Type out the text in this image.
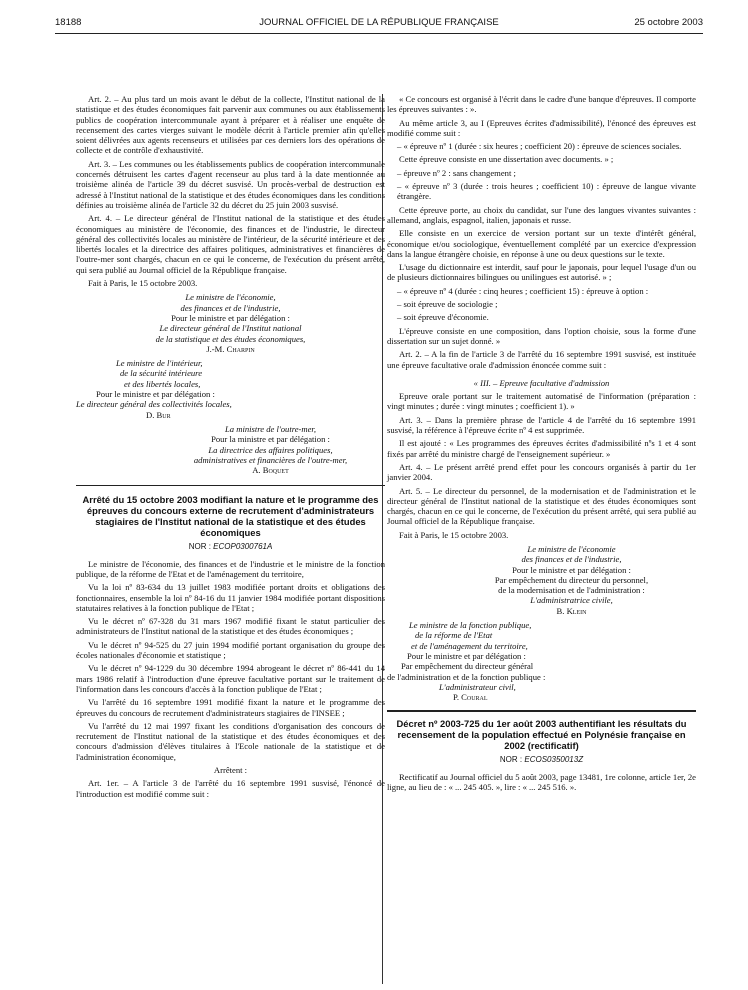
18188	JOURNAL OFFICIEL DE LA RÉPUBLIQUE FRANÇAISE	25 octobre 2003

Art. 2. – Au plus tard un mois avant le début de la collecte, l'Institut national de la statistique et des études économiques fait parvenir aux communes ou aux établissements publics de coopération intercommunale ayant à préparer et à réaliser une enquête de recensement des cartes vierges suivant le modèle décrit à l'article premier afin qu'elles soient délivrées aux agents recenseurs et utilisées par ces derniers lors des opérations de collecte et de contrôle d'exhaustivité.

Art. 3. – Les communes ou les établissements publics de coopération intercommunale concernés détruisent les cartes d'agent recenseur au plus tard à la date mentionnée au troisième alinéa de l'article 39 du décret susvisé. Un procès-verbal de destruction est adressé à l'Institut national de la statistique et des études économiques dans les conditions définies au troisième alinéa de l'article 32 du décret du 25 juin 2003 susvisé.

Art. 4. – Le directeur général de l'Institut national de la statistique et des études économiques au ministère de l'économie, des finances et de l'industrie, le directeur général des collectivités locales au ministère de l'intérieur, de la sécurité intérieure et des libertés locales et la directrice des affaires politiques, administratives et financières de l'outre-mer sont chargés, chacun en ce qui le concerne, de l'exécution du présent arrêté, qui sera publié au Journal officiel de la République française.

Fait à Paris, le 15 octobre 2003.

Le ministre de l'économie,
des finances et de l'industrie,
Pour le ministre et par délégation :
Le directeur général de l'Institut national
de la statistique et des études économiques,
J.-M. Charpin
Le ministre de l'intérieur,
de la sécurité intérieure
et des libertés locales,
Pour le ministre et par délégation :
Le directeur général des collectivités locales,
D. Bur
La ministre de l'outre-mer,
Pour la ministre et par délégation :
La directrice des affaires politiques,
administratives et financières de l'outre-mer,
A. Boquet
Arrêté du 15 octobre 2003 modifiant la nature et le programme des épreuves du concours externe de recrutement d'administrateurs stagiaires de l'Institut national de la statistique et des études économiques
NOR : ECOP0300761A

Le ministre de l'économie, des finances et de l'industrie et le ministre de la fonction publique, de la réforme de l'Etat et de l'aménagement du territoire,

Vu la loi nº 83-634 du 13 juillet 1983 modifiée portant droits et obligations des fonctionnaires, ensemble la loi nº 84-16 du 11 janvier 1984 modifiée portant dispositions statutaires relatives à la fonction publique de l'Etat ;

Vu le décret nº 67-328 du 31 mars 1967 modifié fixant le statut particulier des administrateurs de l'Institut national de la statistique et des études économiques ;

Vu le décret nº 94-525 du 27 juin 1994 modifié portant organisation du groupe des écoles nationales d'économie et statistique ;

Vu le décret nº 94-1229 du 30 décembre 1994 abrogeant le décret nº 86-441 du 14 mars 1986 relatif à l'introduction d'une épreuve facultative portant sur le traitement de l'information dans les concours d'accès à la fonction publique de l'Etat ;

Vu l'arrêté du 16 septembre 1991 modifié fixant la nature et le programme des épreuves du concours de recrutement d'administrateurs stagiaires de l'INSEE ;

Vu l'arrêté du 12 mai 1997 fixant les conditions d'organisation des concours de recrutement de l'Institut national de la statistique et des études économiques et des concours d'admission d'élèves titulaires à l'Ecole nationale de la statistique et de l'administration économique,

Arrêtent :

Art. 1er. – A l'article 3 de l'arrêté du 16 septembre 1991 susvisé, l'énoncé de l'introduction est modifié comme suit :

« Ce concours est organisé à l'écrit dans le cadre d'une banque d'épreuves. Il comporte les épreuves suivantes : ».

Au même article 3, au I (Epreuves écrites d'admissibilité), l'énoncé des épreuves est modifié comme suit :

– « épreuve nº 1 (durée : six heures ; coefficient 20) : épreuve de sciences sociales.

Cette épreuve consiste en une dissertation avec documents. » ;

– épreuve nº 2 : sans changement ;

– « épreuve nº 3 (durée : trois heures ; coefficient 10) : épreuve de langue vivante étrangère.

Cette épreuve porte, au choix du candidat, sur l'une des langues vivantes suivantes : allemand, anglais, espagnol, italien, japonais et russe.

Elle consiste en un exercice de version portant sur un texte d'intérêt général, économique et/ou sociologique, éventuellement complété par un exercice d'expression dans la langue étrangère choisie, en réponse à une ou deux questions sur le texte.

L'usage du dictionnaire est interdit, sauf pour le japonais, pour lequel l'usage d'un ou de plusieurs dictionnaires bilingues ou unilingues est autorisé. » ;

– « épreuve nº 4 (durée : cinq heures ; coefficient 15) : épreuve à option :

– soit épreuve de sociologie ;

– soit épreuve d'économie.

L'épreuve consiste en une composition, dans l'option choisie, sous la forme d'une dissertation sur un sujet donné. »

Art. 2. – A la fin de l'article 3 de l'arrêté du 16 septembre 1991 susvisé, est instituée une épreuve facultative orale d'admission énoncée comme suit :

« III. – Epreuve facultative d'admission

Epreuve orale portant sur le traitement automatisé de l'information (préparation : vingt minutes ; durée : vingt minutes ; coefficient 1). »

Art. 3. – Dans la première phrase de l'article 4 de l'arrêté du 16 septembre 1991 susvisé, la référence à l'épreuve écrite nº 4 est supprimée.

Il est ajouté : « Les programmes des épreuves écrites d'admissibilité nºs 1 et 4 sont fixés par arrêté du ministre chargé de l'enseignement supérieur. »

Art. 4. – Le présent arrêté prend effet pour les concours organisés à partir du 1er janvier 2004.

Art. 5. – Le directeur du personnel, de la modernisation et de l'administration et le directeur général de l'Institut national de la statistique et des études économiques sont chargés, chacun en ce qui le concerne, de l'exécution du présent arrêté, qui sera publié au Journal officiel de la République française.

Fait à Paris, le 15 octobre 2003.

Le ministre de l'économie
des finances et de l'industrie,
Pour le ministre et par délégation :
Par empêchement du directeur du personnel,
de la modernisation et de l'administration :
L'administratrice civile,
B. Klein
Le ministre de la fonction publique,
de la réforme de l'Etat
et de l'aménagement du territoire,
Pour le ministre et par délégation :
Par empêchement du directeur général
de l'administration et de la fonction publique :
L'administrateur civil,
P. Coural
Décret nº 2003-725 du 1er août 2003 authentifiant les résultats du recensement de la population effectué en Polynésie française en 2002 (rectificatif)
NOR : ECOS0350013Z

Rectificatif au Journal officiel du 5 août 2003, page 13481, 1re colonne, article 1er, 2e ligne, au lieu de : « ... 245 405. », lire : « ... 245 516. ».
